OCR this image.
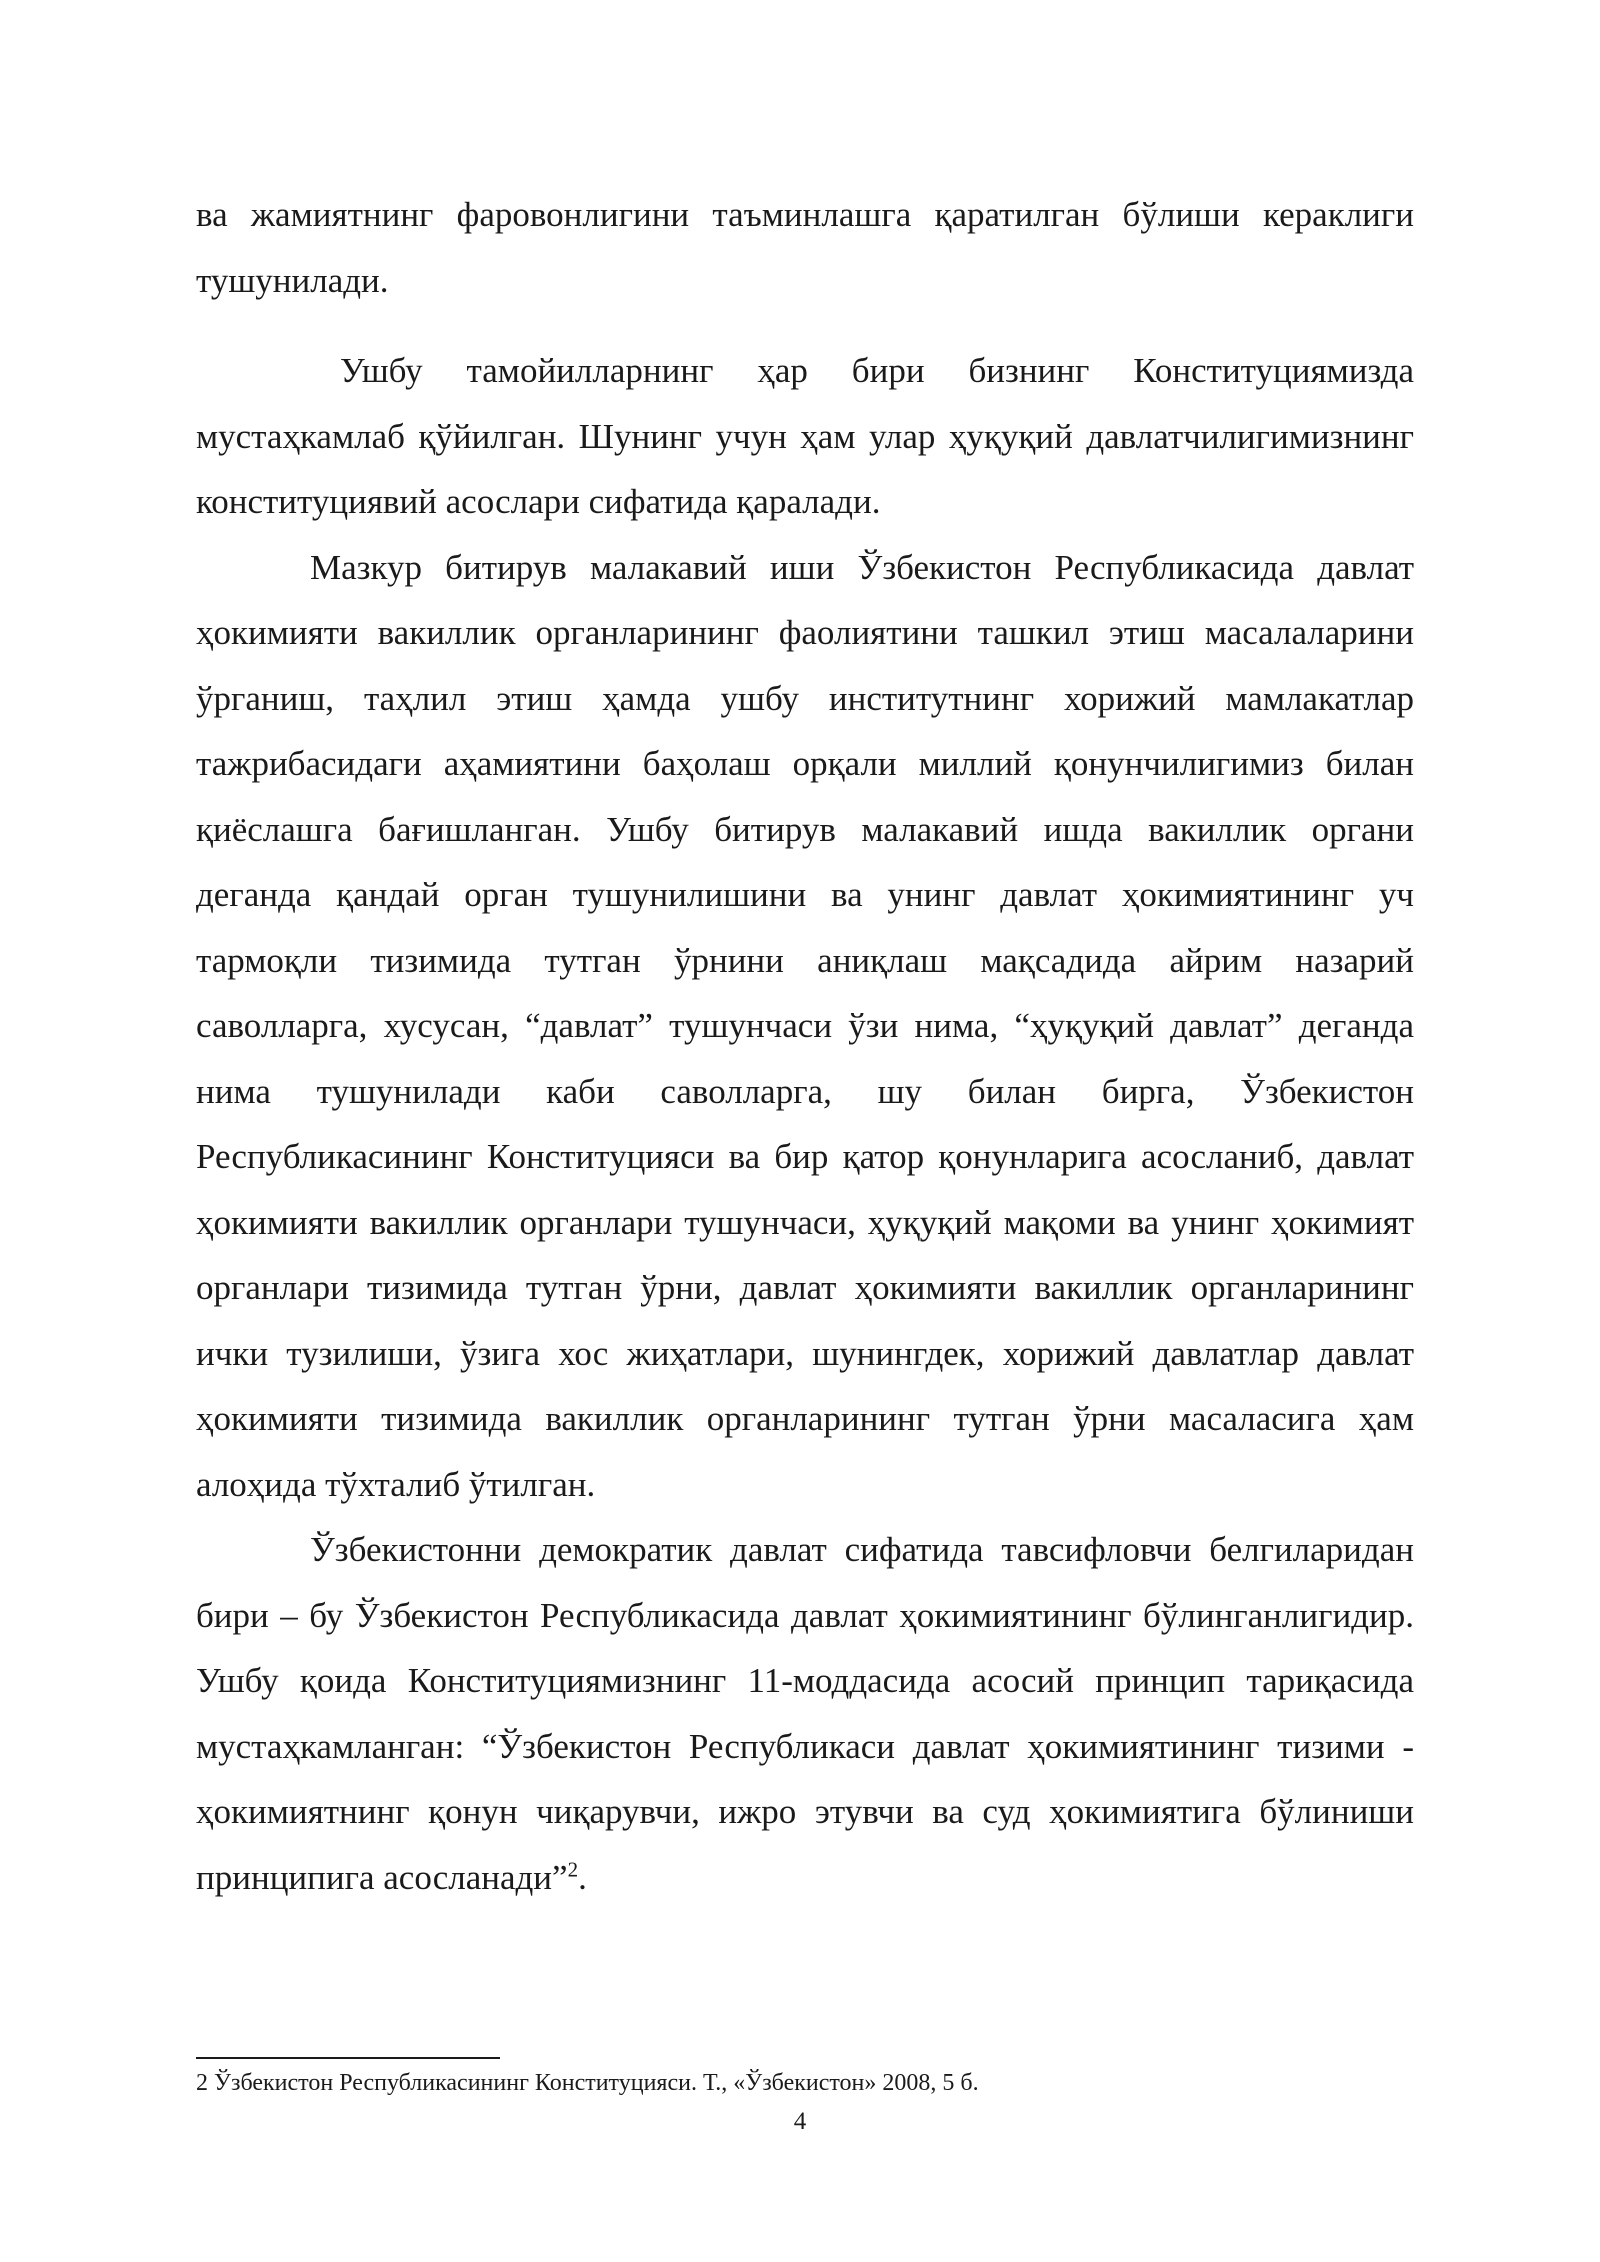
ва жамиятнинг фаровонлигини таъминлашга қаратилган бўлиши кераклиги тушунилади.

Ушбу тамойилларнинг ҳар бири бизнинг Конституциямизда мустаҳкамлаб қўйилган. Шунинг учун ҳам улар ҳуқуқий давлатчилигимизнинг конституциявий асослари сифатида қаралади.

Мазкур битирув малакавий иши Ўзбекистон Республикасида давлат ҳокимияти вакиллик органларининг фаолиятини ташкил этиш масалаларини ўрганиш, таҳлил этиш ҳамда ушбу институтнинг хорижий мамлакатлар тажрибасидаги аҳамиятини баҳолаш орқали миллий қонунчилигимиз билан қиёслашга бағишланган. Ушбу битирув малакавий ишда вакиллик органи деганда қандай орган тушунилишини ва унинг давлат ҳокимиятининг уч тармоқли тизимида тутган ўрнини аниқлаш мақсадида айрим назарий саволларга, хусусан, “давлат” тушунчаси ўзи нима, “ҳуқуқий давлат” деганда нима тушунилади каби саволларга, шу билан бирга, Ўзбекистон Республикасининг Конституцияси ва бир қатор қонунларига асосланиб, давлат ҳокимияти вакиллик органлари тушунчаси, ҳуқуқий мақоми ва унинг ҳокимият органлари тизимида тутган ўрни, давлат ҳокимияти вакиллик органларининг ички тузилиши, ўзига хос жиҳатлари, шунингдек, хорижий давлатлар давлат ҳокимияти тизимида вакиллик органларининг тутган ўрни масаласига ҳам алоҳида тўхталиб ўтилган.

Ўзбекистонни демократик давлат сифатида тавсифловчи белгиларидан бири – бу Ўзбекистон Республикасида давлат ҳокимиятининг бўлинганлигидир. Ушбу қоида Конституциямизнинг 11-моддасида асосий принцип тариқасида мустаҳкамланган: “Ўзбекистон Республикаси давлат ҳокимиятининг тизими - ҳокимиятнинг қонун чиқарувчи, ижро этувчи ва суд ҳокимиятига бўлиниши принципига асосланади”$^2$.

2 Ўзбекистон Республикасининг Конституцияси. Т., «Ўзбекистон» 2008, 5 б.
4
